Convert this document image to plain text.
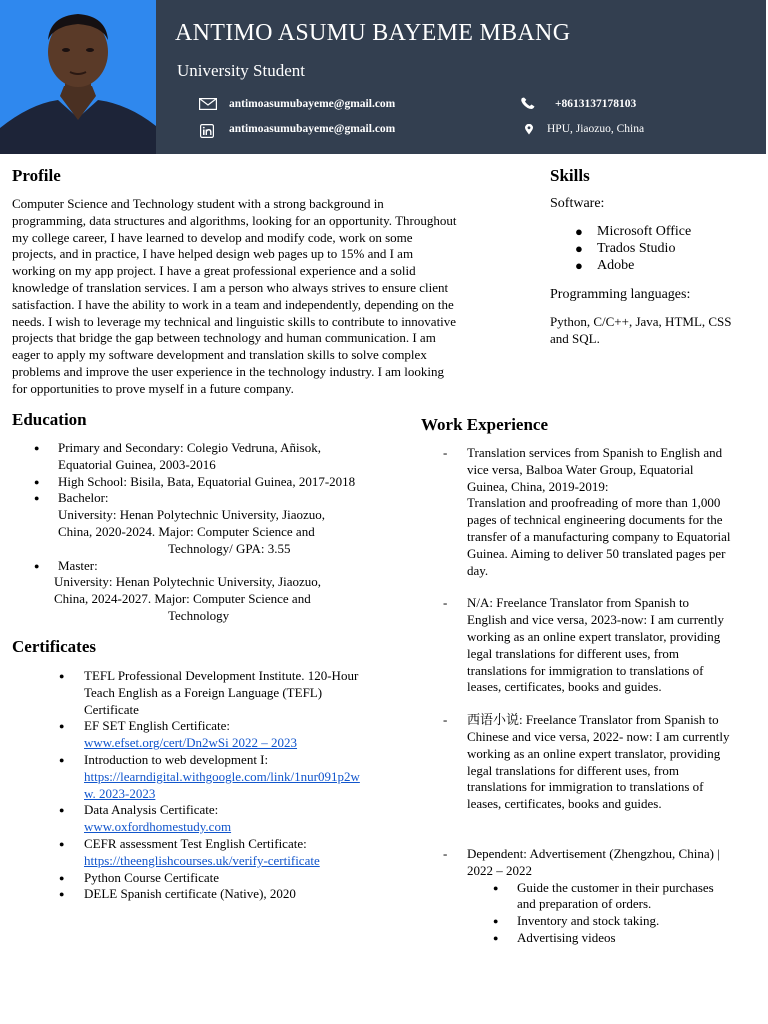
ANTIMO ASUMU BAYEME MBANG
University Student
antimoasumubayeme@gmail.com
antimoasumubayeme@gmail.com
+8613137178103
HPU, Jiaozuo, China
Profile
Computer Science and Technology student with a strong background in
programming, data structures and algorithms, looking for an opportunity. Throughout
my college career, I have learned to develop and modify code, work on some
projects, and in practice, I have helped design web pages up to 15% and I am
working on my app project. I have a great professional experience and a solid
knowledge of translation services. I am a person who always strives to ensure client
satisfaction. I have the ability to work in a team and independently, depending on the
needs. I wish to leverage my technical and linguistic skills to contribute to innovative
projects that bridge the gap between technology and human communication. I am
eager to apply my software development and translation skills to solve complex
problems and improve the user experience in the technology industry. I am looking
for opportunities to prove myself in a future company.
Skills
Software:
● Microsoft Office
● Trados Studio
● Adobe
Programming languages:
Python, C/C++, Java, HTML, CSS
and SQL.
Education
● Primary and Secondary: Colegio Vedruna, Añisok,
Equatorial Guinea, 2003-2016
● High School: Bisila, Bata, Equatorial Guinea, 2017-2018
● Bachelor:
University: Henan Polytechnic University, Jiaozuo,
China, 2020-2024. Major: Computer Science and
Technology/ GPA: 3.55
● Master:
University: Henan Polytechnic University, Jiaozuo,
China, 2024-2027. Major: Computer Science and
Technology
Certificates
● TEFL Professional Development Institute. 120-Hour
Teach English as a Foreign Language (TEFL)
Certificate
● EF SET English Certificate:
www.efset.org/cert/Dn2wSi 2022 – 2023
● Introduction to web development I:
https://learndigital.withgoogle.com/link/1nur091p2w
w. 2023-2023
● Data Analysis Certificate:
www.oxfordhomestudy.com
● CEFR assessment Test English Certificate:
https://theenglishcourses.uk/verify-certificate
● Python Course Certificate
● DELE Spanish certificate (Native), 2020
Work Experience
- Translation services from Spanish to English and
vice versa, Balboa Water Group, Equatorial
Guinea, China, 2019-2019:
Translation and proofreading of more than 1,000
pages of technical engineering documents for the
transfer of a manufacturing company to Equatorial
Guinea. Aiming to deliver 50 translated pages per
day.
- N/A: Freelance Translator from Spanish to
English and vice versa, 2023-now: I am currently
working as an online expert translator, providing
legal translations for different uses, from
translations for immigration to translations of
leases, certificates, books and guides.
- 西语小说: Freelance Translator from Spanish to
Chinese and vice versa, 2022- now: I am currently
working as an online expert translator, providing
legal translations for different uses, from
translations for immigration to translations of
leases, certificates, books and guides.
- Dependent: Advertisement (Zhengzhou, China) |
2022 – 2022
● Guide the customer in their purchases
and preparation of orders.
● Inventory and stock taking.
● Advertising videos
